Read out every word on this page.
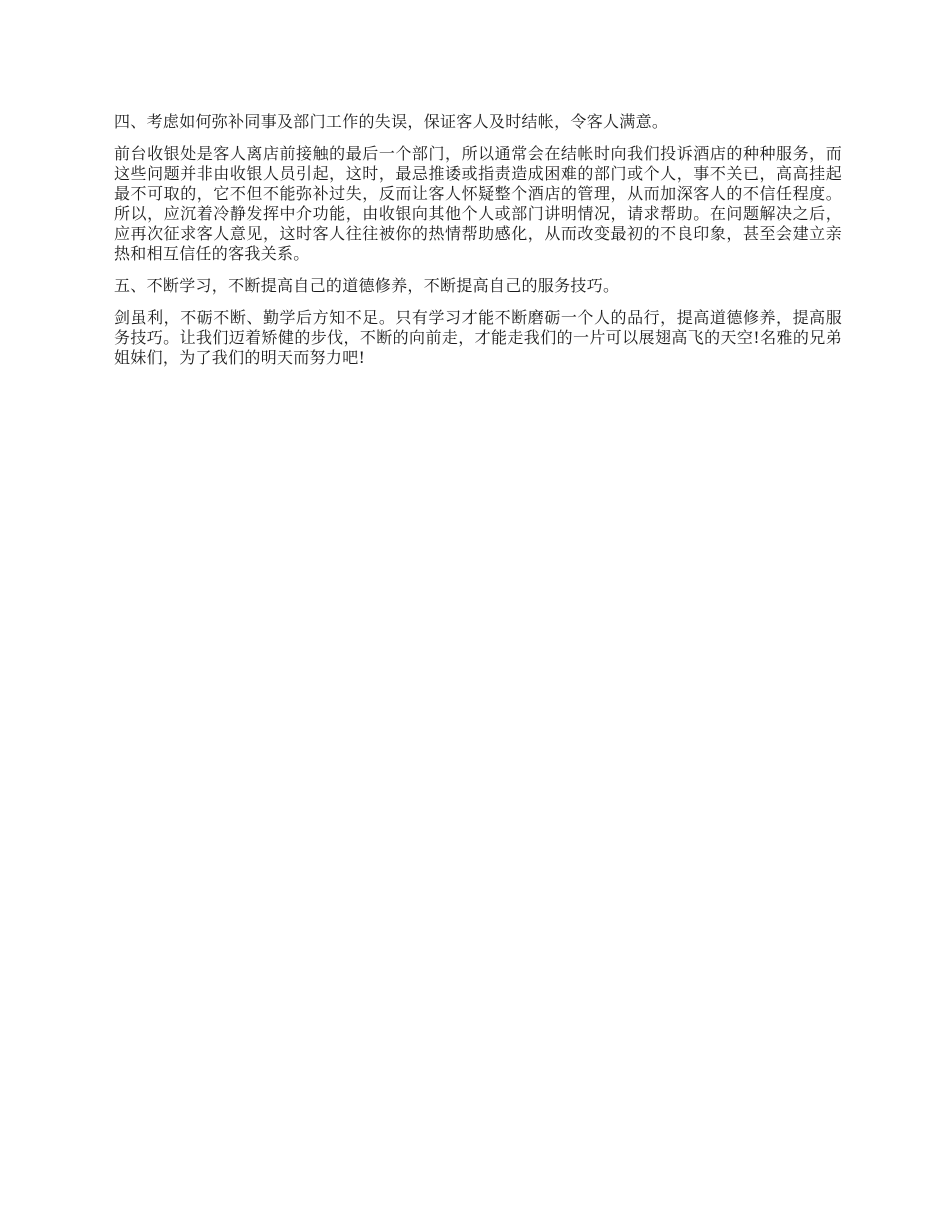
四、考虑如何弥补同事及部门工作的失误，保证客人及时结帐，令客人满意。

前台收银处是客人离店前接触的最后一个部门，所以通常会在结帐时向我们投诉酒店的种种服务，而这些问题并非由收银人员引起，这时，最忌推诿或指责造成困难的部门或个人，事不关已，高高挂起最不可取的，它不但不能弥补过失，反而让客人怀疑整个酒店的管理，从而加深客人的不信任程度。所以，应沉着冷静发挥中介功能，由收银向其他个人或部门讲明情况，请求帮助。在问题解决之后，应再次征求客人意见，这时客人往往被你的热情帮助感化，从而改变最初的不良印象，甚至会建立亲热和相互信任的客我关系。

五、不断学习，不断提高自己的道德修养，不断提高自己的服务技巧。

剑虽利，不砺不断、勤学后方知不足。只有学习才能不断磨砺一个人的品行，提高道德修养，提高服务技巧。让我们迈着矫健的步伐，不断的向前走，才能走我们的一片可以展翅高飞的天空!名雅的兄弟姐妹们，为了我们的明天而努力吧!
